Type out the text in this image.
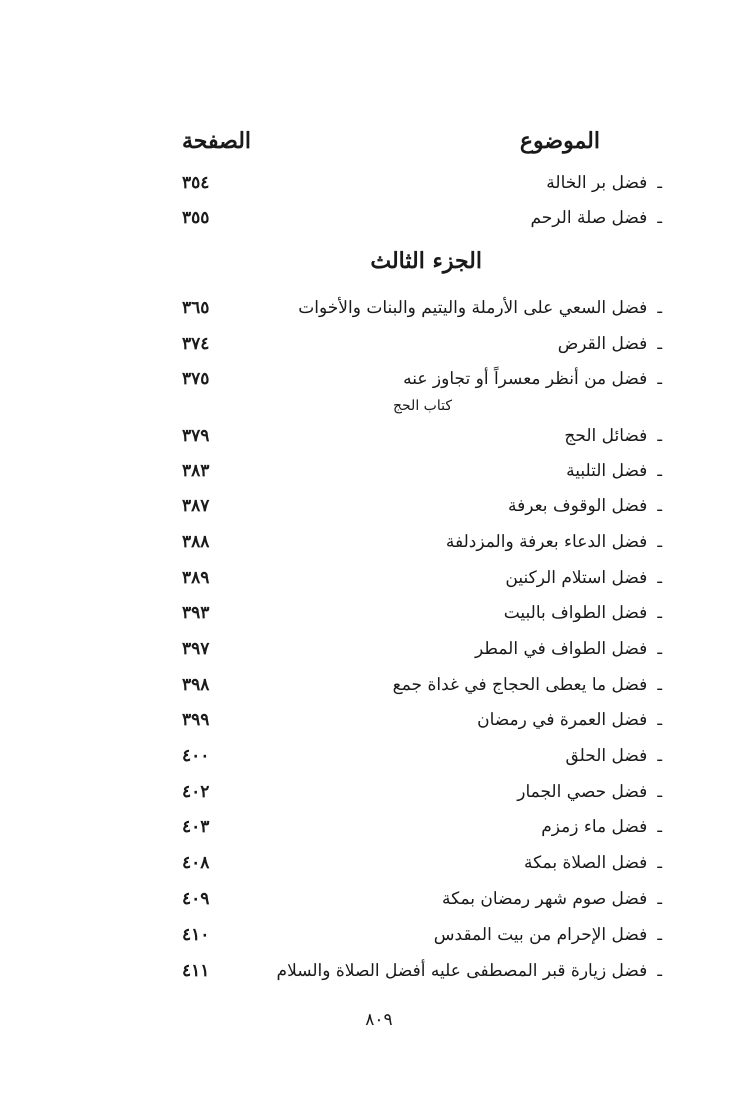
الموضوع
الصفحة
الجزء الثالث
كتاب الحج
ـ
فضل بر الخالة
٣٥٤
ـ
فضل صلة الرحم
٣٥٥
ـ
فضل السعي على الأرملة واليتيم والبنات والأخوات
٣٦٥
ـ
فضل القرض
٣٧٤
ـ
فضل من أنظر معسراً أو تجاوز عنه
٣٧٥
ـ
فضائل الحج
٣٧٩
ـ
فضل التلبية
٣٨٣
ـ
فضل الوقوف بعرفة
٣٨٧
ـ
فضل الدعاء بعرفة والمزدلفة
٣٨٨
ـ
فضل استلام الركنين
٣٨٩
ـ
فضل الطواف بالبيت
٣٩٣
ـ
فضل الطواف في المطر
٣٩٧
ـ
فضل ما يعطى الحجاج في غداة جمع
٣٩٨
ـ
فضل العمرة في رمضان
٣٩٩
ـ
فضل الحلق
٤٠٠
ـ
فضل حصي الجمار
٤٠٢
ـ
فضل ماء زمزم
٤٠٣
ـ
فضل الصلاة بمكة
٤٠٨
ـ
فضل صوم شهر رمضان بمكة
٤٠٩
ـ
فضل الإحرام من بيت المقدس
٤١٠
ـ
فضل زيارة قبر المصطفى عليه أفضل الصلاة والسلام
٤١١
٨٠٩
